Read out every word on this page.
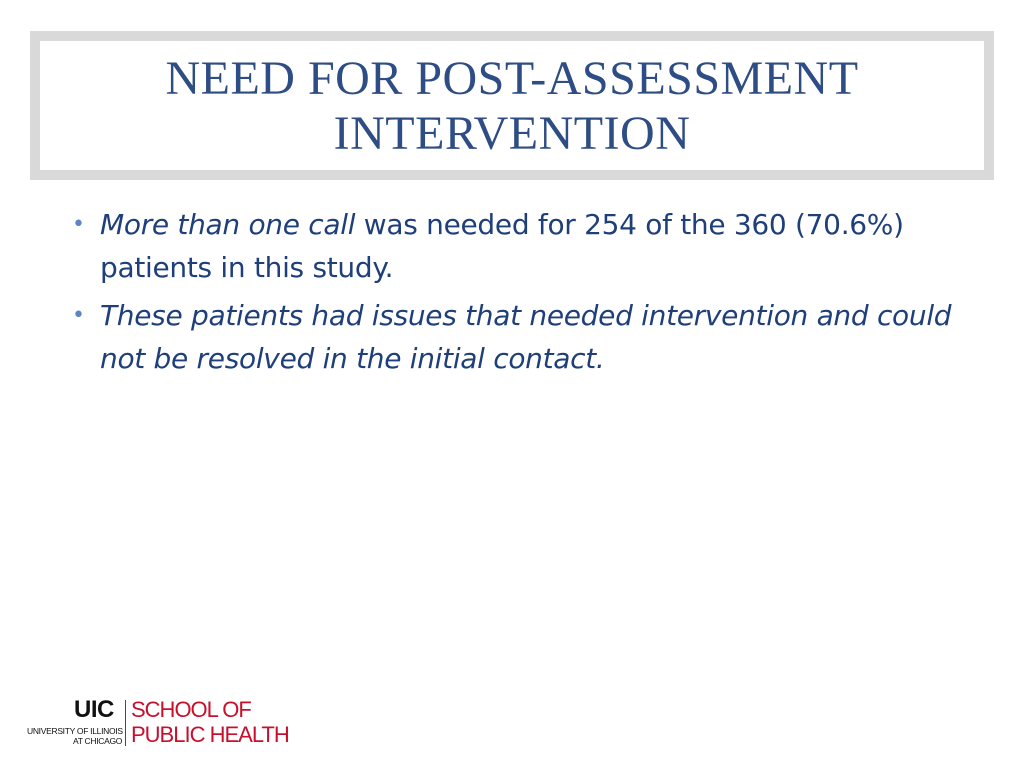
NEED FOR POST-ASSESSMENT
INTERVENTION
• More than one call was needed for 254 of the 360 (70.6%) patients in this study.
• These patients had issues that needed intervention and could not be resolved in the initial contact.
UIC
UNIVERSITY OF ILLINOIS
AT CHICAGO
SCHOOL OF
PUBLIC HEALTH
